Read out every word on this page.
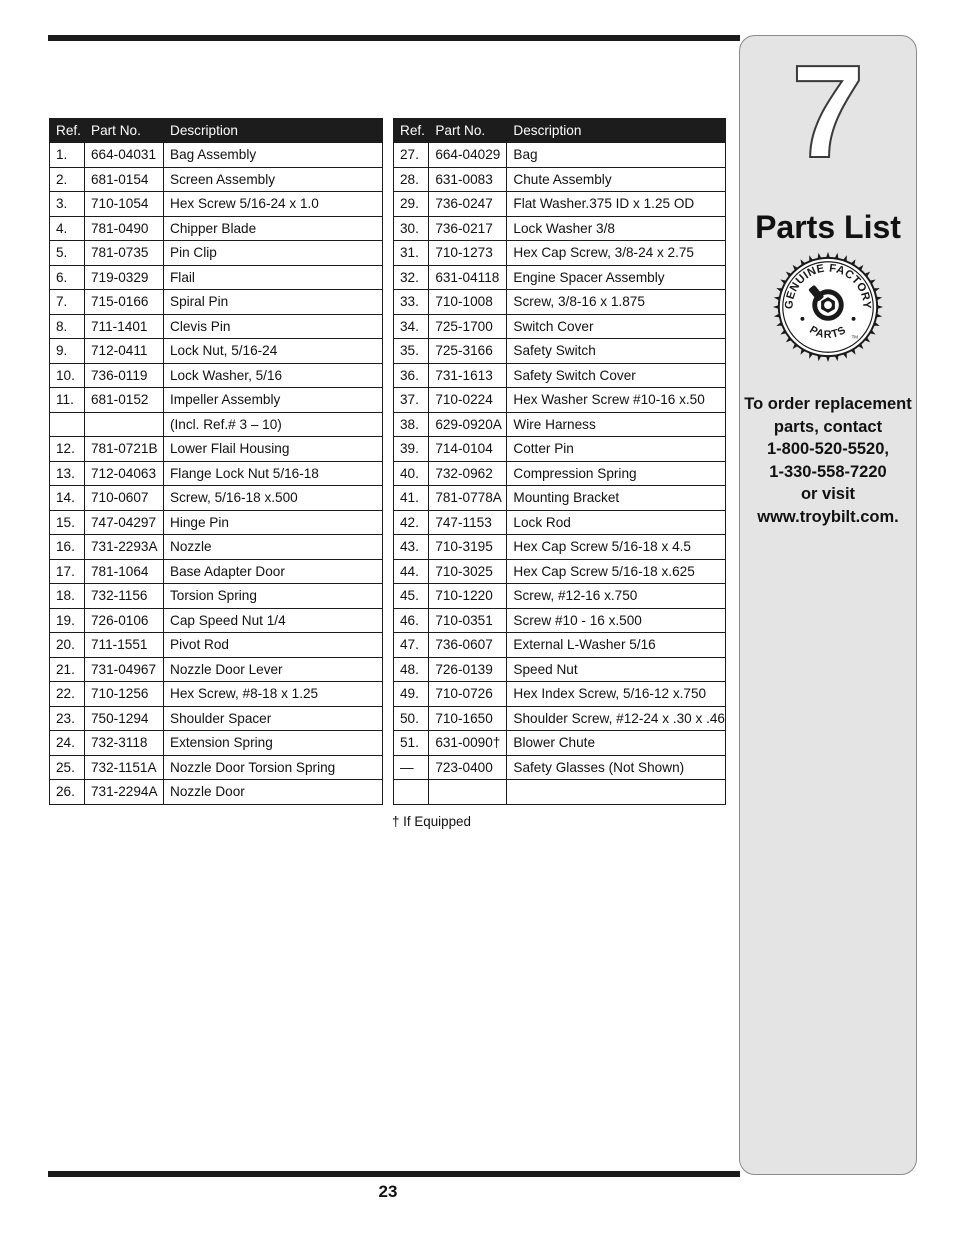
Ref.	Part No.	Description
1.	664-04031	Bag Assembly
2.	681-0154	Screen Assembly
3.	710-1054	Hex Screw 5/16-24 x 1.0
4.	781-0490	Chipper Blade
5.	781-0735	Pin Clip
6.	719-0329	Flail
7.	715-0166	Spiral Pin
8.	711-1401	Clevis Pin
9.	712-0411	Lock Nut, 5/16-24
10.	736-0119	Lock Washer, 5/16
11.	681-0152	Impeller Assembly
		(Incl. Ref.# 3 – 10)
12.	781-0721B	Lower Flail Housing
13.	712-04063	Flange Lock Nut 5/16-18
14.	710-0607	Screw, 5/16-18 x.500
15.	747-04297	Hinge Pin
16.	731-2293A	Nozzle
17.	781-1064	Base Adapter Door
18.	732-1156	Torsion Spring
19.	726-0106	Cap Speed Nut 1/4
20.	711-1551	Pivot Rod
21.	731-04967	Nozzle Door Lever
22.	710-1256	Hex Screw, #8-18 x 1.25
23.	750-1294	Shoulder Spacer
24.	732-3118	Extension Spring
25.	732-1151A	Nozzle Door Torsion Spring
26.	731-2294A	Nozzle Door
Ref.	Part No.	Description
27.	664-04029	Bag
28.	631-0083	Chute Assembly
29.	736-0247	Flat Washer.375 ID x 1.25 OD
30.	736-0217	Lock Washer 3/8
31.	710-1273	Hex Cap Screw, 3/8-24 x 2.75
32.	631-04118	Engine Spacer Assembly
33.	710-1008	Screw, 3/8-16 x 1.875
34.	725-1700	Switch Cover
35.	725-3166	Safety Switch
36.	731-1613	Safety Switch Cover
37.	710-0224	Hex Washer Screw #10-16 x.50
38.	629-0920A	Wire Harness
39.	714-0104	Cotter Pin
40.	732-0962	Compression Spring
41.	781-0778A	Mounting Bracket
42.	747-1153	Lock Rod
43.	710-3195	Hex Cap Screw 5/16-18 x 4.5
44.	710-3025	Hex Cap Screw 5/16-18 x.625
45.	710-1220	Screw, #12-16 x.750
46.	710-0351	Screw #10 - 16 x.500
47.	736-0607	External L-Washer 5/16
48.	726-0139	Speed Nut
49.	710-0726	Hex Index Screw, 5/16-12 x.750
50.	710-1650	Shoulder Screw, #12-24 x .30 x .46
51.	631-0090†	Blower Chute
—	723-0400	Safety Glasses (Not Shown)

† If Equipped
7
Parts List
GENUINE FACTORY
PARTS TM
To order replacement
parts, contact
1-800-520-5520,
1-330-558-7220
or visit
www.troybilt.com.
23
